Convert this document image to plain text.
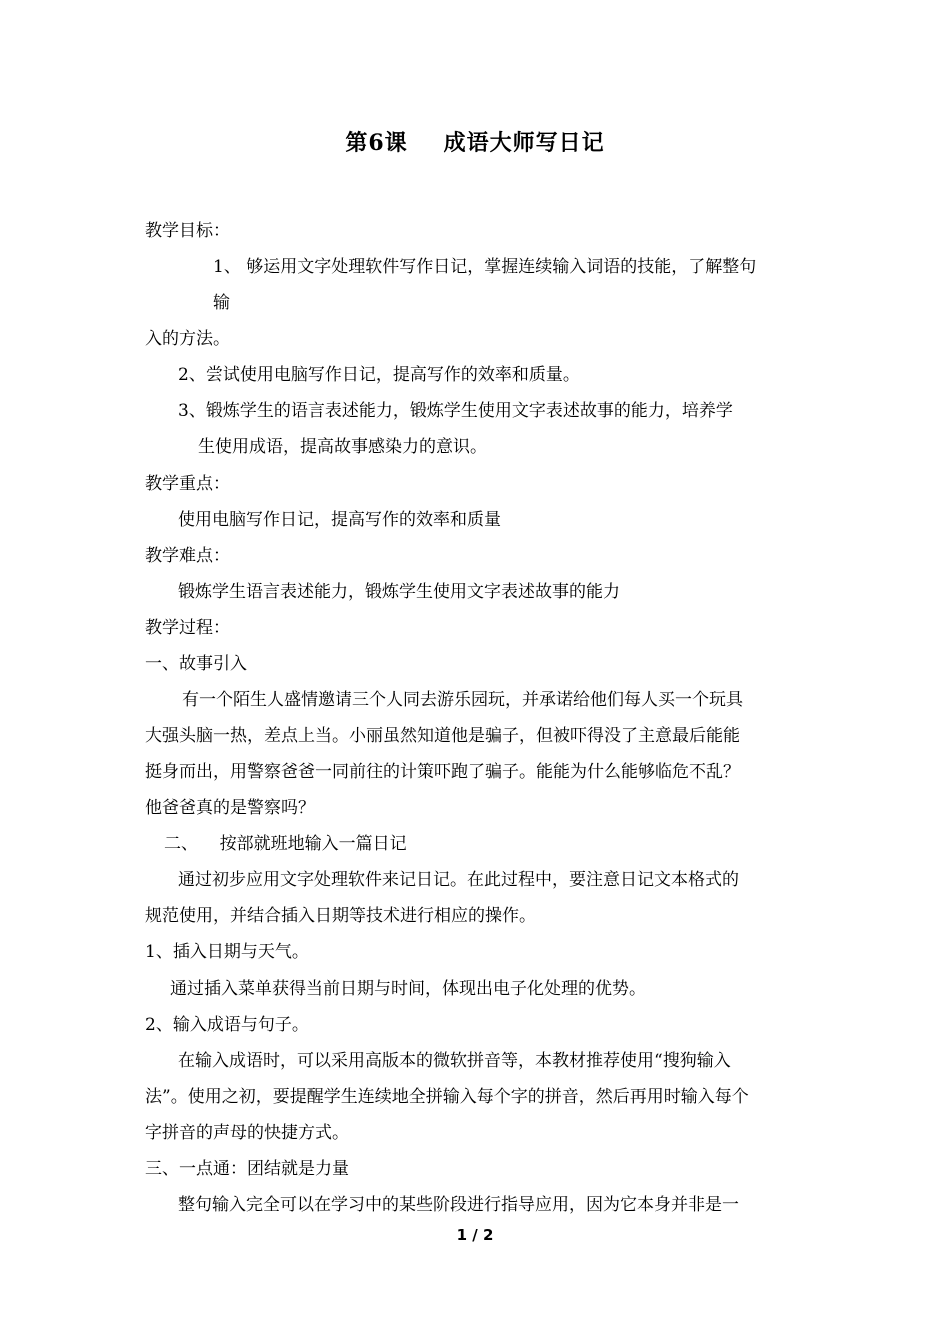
第6课 成语大师写日记
教学目标：
1、 够运用文字处理软件写作日记，掌握连续输入词语的技能，了解整句
输
入的方法。
2、尝试使用电脑写作日记，提高写作的效率和质量。
3、锻炼学生的语言表述能力，锻炼学生使用文字表述故事的能力，培养学
生使用成语，提高故事感染力的意识。
教学重点：
使用电脑写作日记，提高写作的效率和质量
教学难点：
锻炼学生语言表述能力，锻炼学生使用文字表述故事的能力
教学过程：
一、故事引入
有一个陌生人盛情邀请三个人同去游乐园玩，并承诺给他们每人买一个玩具
大强头脑一热，差点上当。小丽虽然知道他是骗子，但被吓得没了主意最后能能
挺身而出，用警察爸爸一同前往的计策吓跑了骗子。能能为什么能够临危不乱？
他爸爸真的是警察吗？
二、    按部就班地输入一篇日记
通过初步应用文字处理软件来记日记。在此过程中，要注意日记文本格式的
规范使用，并结合插入日期等技术进行相应的操作。
1、插入日期与天气。
通过插入菜单获得当前日期与时间，体现出电子化处理的优势。
2、输入成语与句子。
在输入成语时，可以采用高版本的微软拼音等，本教材推荐使用“搜狗输入
法”。使用之初，要提醒学生连续地全拼输入每个字的拼音，然后再用时输入每个
字拼音的声母的快捷方式。
三、一点通：团结就是力量
整句输入完全可以在学习中的某些阶段进行指导应用，因为它本身并非是一
1 / 2
